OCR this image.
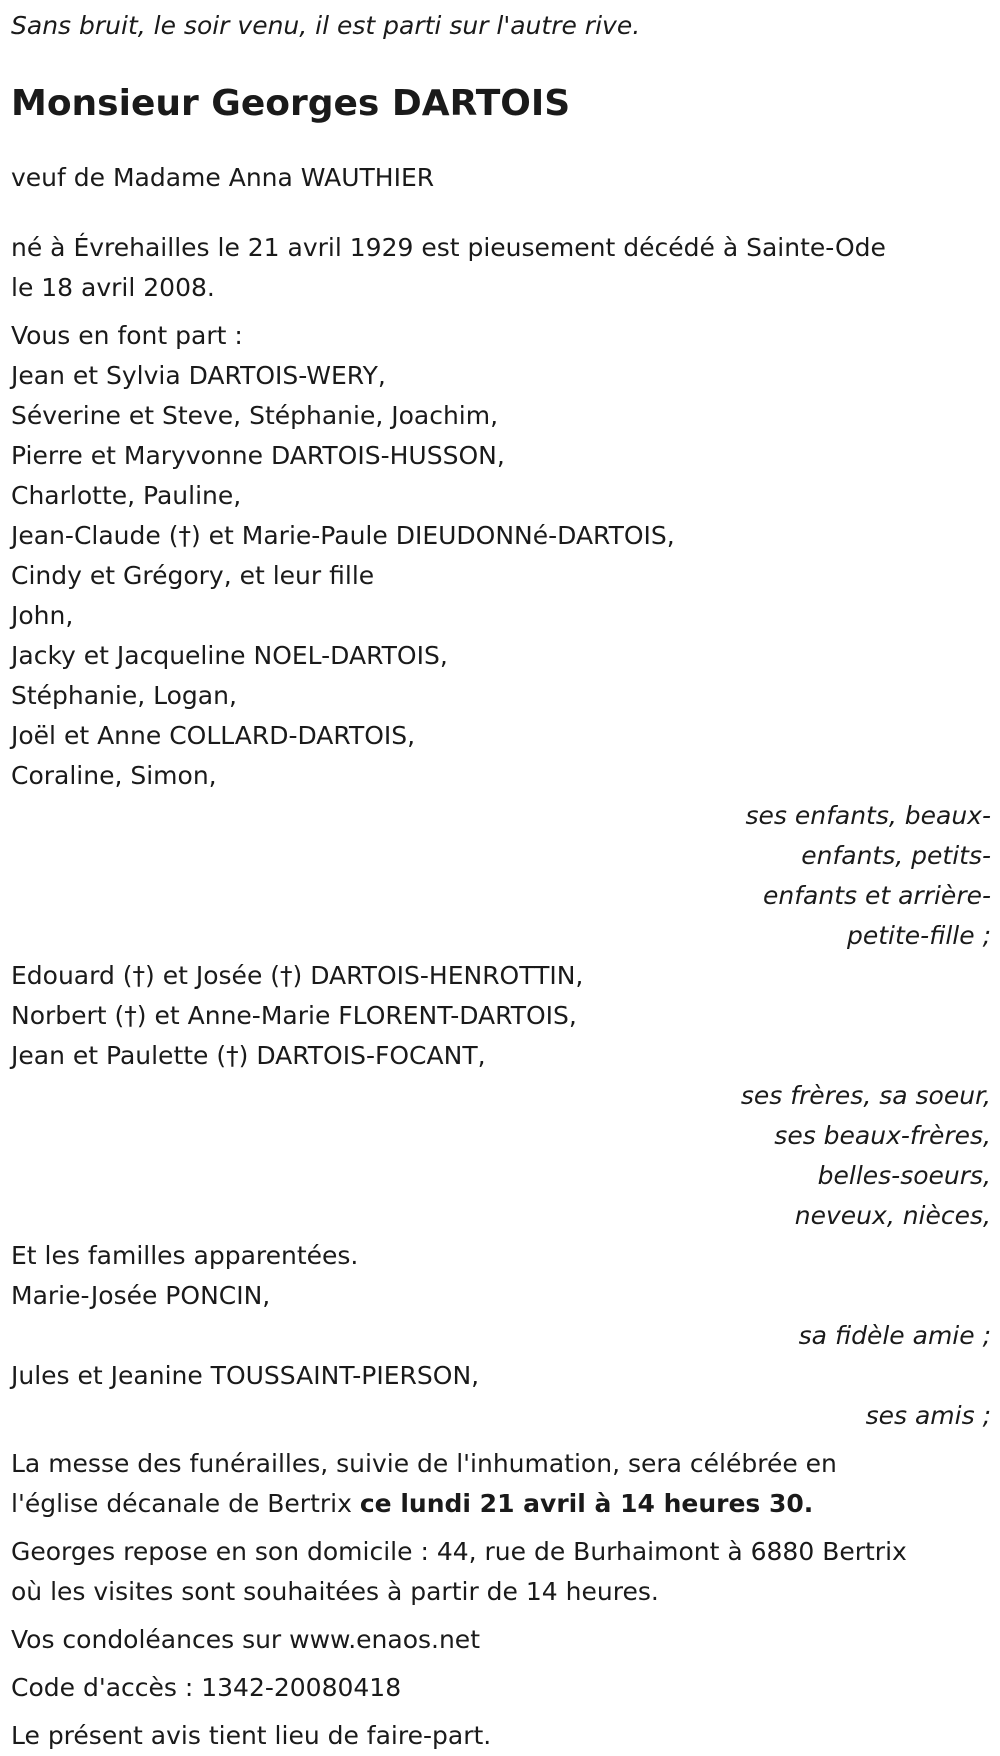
Sans bruit, le soir venu, il est parti sur l'autre rive.

Monsieur Georges DARTOIS

veuf de Madame Anna WAUTHIER

né à Évrehailles le 21 avril 1929 est pieusement décédé à Sainte-Ode le 18 avril 2008.

Vous en font part :

Jean et Sylvia DARTOIS-WERY,
Séverine et Steve, Stéphanie, Joachim,
Pierre et Maryvonne DARTOIS-HUSSON,
Charlotte, Pauline,
Jean-Claude (†) et Marie-Paule DIEUDONNé-DARTOIS,
Cindy et Grégory, et leur fille
John,
Jacky et Jacqueline NOEL-DARTOIS,
Stéphanie, Logan,
Joël et Anne COLLARD-DARTOIS,
Coraline, Simon,
ses enfants, beaux-
enfants, petits-
enfants et arrière-
petite-fille ;
Edouard (†) et Josée (†) DARTOIS-HENROTTIN,
Norbert (†) et Anne-Marie FLORENT-DARTOIS,
Jean et Paulette (†) DARTOIS-FOCANT,
ses frères, sa soeur,
ses beaux-frères,
belles-soeurs,
neveux, nièces,
Et les familles apparentées.
Marie-Josée PONCIN,
sa fidèle amie ;
Jules et Jeanine TOUSSAINT-PIERSON,
ses amis ;

La messe des funérailles, suivie de l'inhumation, sera célébrée en l'église décanale de Bertrix ce lundi 21 avril à 14 heures 30.

Georges repose en son domicile : 44, rue de Burhaimont à 6880 Bertrix où les visites sont souhaitées à partir de 14 heures.

Vos condoléances sur www.enaos.net

Code d'accès : 1342-20080418

Le présent avis tient lieu de faire-part.
